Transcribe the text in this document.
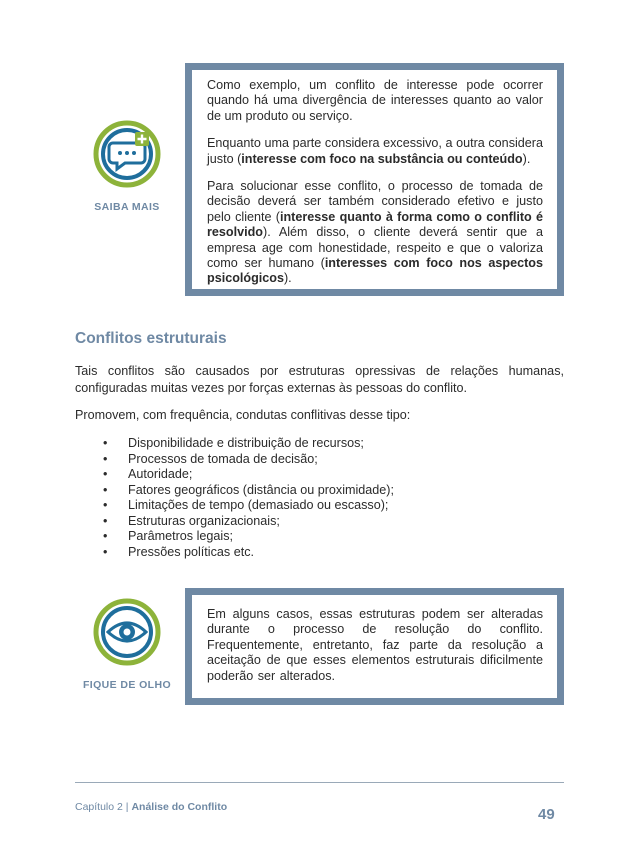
SAIBA MAIS

Como exemplo, um conflito de interesse pode ocorrer quando há uma divergência de interesses quanto ao valor de um produto ou serviço.

Enquanto uma parte considera excessivo, a outra considera justo (interesse com foco na substância ou conteúdo).

Para solucionar esse conflito, o processo de tomada de decisão deverá ser também considerado efetivo e justo pelo cliente (interesse quanto à forma como o conflito é resolvido). Além disso, o cliente deverá sentir que a empresa age com honestidade, respeito e que o valoriza como ser humano (interesses com foco nos aspectos psicológicos).

Conflitos estruturais

Tais conflitos são causados por estruturas opressivas de relações humanas, configuradas muitas vezes por forças externas às pessoas do conflito.

Promovem, com frequência, condutas conflitivas desse tipo:

• Disponibilidade e distribuição de recursos;
• Processos de tomada de decisão;
• Autoridade;
• Fatores geográficos (distância ou proximidade);
• Limitações de tempo (demasiado ou escasso);
• Estruturas organizacionais;
• Parâmetros legais;
• Pressões políticas etc.
FIQUE DE OLHO

Em alguns casos, essas estruturas podem ser alteradas durante o processo de resolução do conflito. Frequentemente, entretanto, faz parte da resolução a aceitação de que esses elementos estruturais dificilmente poderão ser alterados.

Capítulo 2 | Análise do Conflito	49
